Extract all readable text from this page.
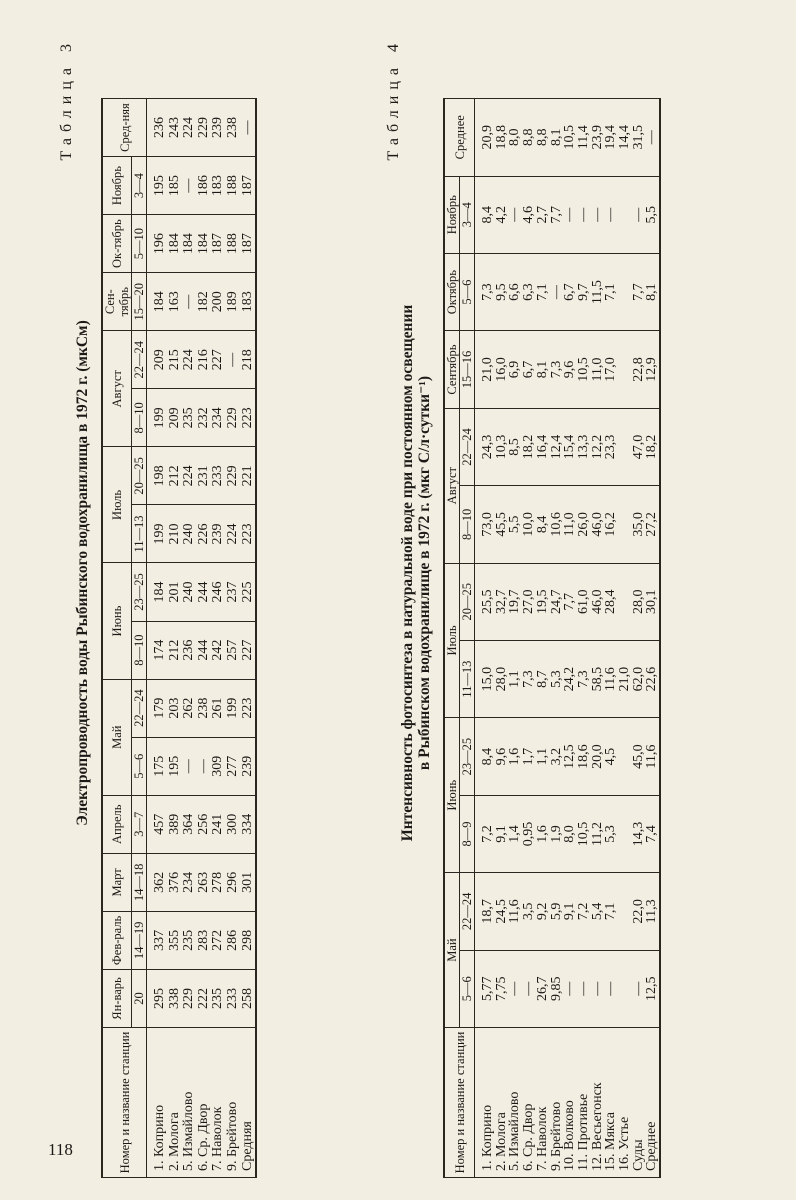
118
Таблица 3
Электропроводность воды Рыбинского водохранилища в 1972 г. (мкСм)
Номер и название станции	Ян-варь	Фев-раль	Март	Апрель	Май		Июнь		Июль		Август		Сен-тябрь	Ок-тябрь	Ноябрь	Сред-няя
	20	14—19	14—18	3—7	5—6	22—24	8—10	23—25	11—13	20—25	8—10	22—24	15—20	5—10	3—4	
1. Коприно	295	337	362	457	175	179	174	184	199	198	199	209	184	196	195	236
2. Молога	338	355	376	389	195	203	212	201	210	212	209	215	163	184	185	243
5. Измайлово	229	235	234	364	—	262	236	240	240	224	235	224	—	184	—	224
6. Ср. Двор	222	283	263	256	—	238	244	244	226	231	232	216	182	184	186	229
7. Наволок	235	272	278	241	309	261	242	246	239	233	234	227	200	187	183	239
9. Брейтово	233	286	296	300	277	199	257	237	224	229	229	—	189	188	188	238
Средняя	258	298	301	334	239	223	227	225	223	221	223	218	183	187	187	—	Таблица 4
Интенсивность фотосинтеза в натуральной воде при постоянном освещении в Рыбинском водохранилище в 1972 г. (мкг С/л·сутки⁻¹)
Номер и название станции	Май		Июнь		Июль		Август		Сентябрь	Октябрь	Ноябрь	Среднее
	5—6	22—24	8—9	23—25	11—13	20—25	8—10	22—24	15—16	5—6	3—4	
1. Коприно	5,77	18,7	7,2	8,4	15,0	25,5	73,0	24,3	21,0	7,3	8,4	20,9
2. Молога	7,75	24,5	9,1	9,6	28,0	32,7	45,5	10,3	16,0	9,5	4,2	18,8
5. Измайлово	—	11,6	1,4	1,6	1,1	19,7	5,5	8,5	6,9	6,6	—	8,0
6. Ср. Двор	—	3,5	0,95	1,7	7,3	27,0	10,0	18,2	6,7	6,3	4,6	8,8
7. Наволок	26,7	9,2	1,6	1,1	8,7	19,5	8,4	16,4	8,1	7,1	2,7	8,8
9. Брейтово	9,85	5,9	1,9	3,2	5,3	24,7	10,6	12,4	7,3	—	7,7	8,1
10. Волково	—	9,1	8,0	12,5	24,2	7,7	11,0	15,4	9,6	6,7	—	10,5
11. Противье	—	7,2	10,5	18,6	7,3	61,0	26,0	13,3	10,5	9,7	—	11,4
12. Весьегонск	—	5,4	11,2	20,0	58,5	46,0	46,0	12,2	11,0	11,5	—	23,9
15. Мякса	—	7,1	5,3	4,5	11,6	28,4	16,2	23,3	17,0	7,1	—	19,4
16. Устье					21,0							14,4
Суды	—	22,0	14,3	45,0	62,0	28,0	35,0	47,0	22,8	7,7	—	31,5
Среднее	12,5	11,3	7,4	11,6	22,6	30,1	27,2	18,2	12,9	8,1	5,5	—
